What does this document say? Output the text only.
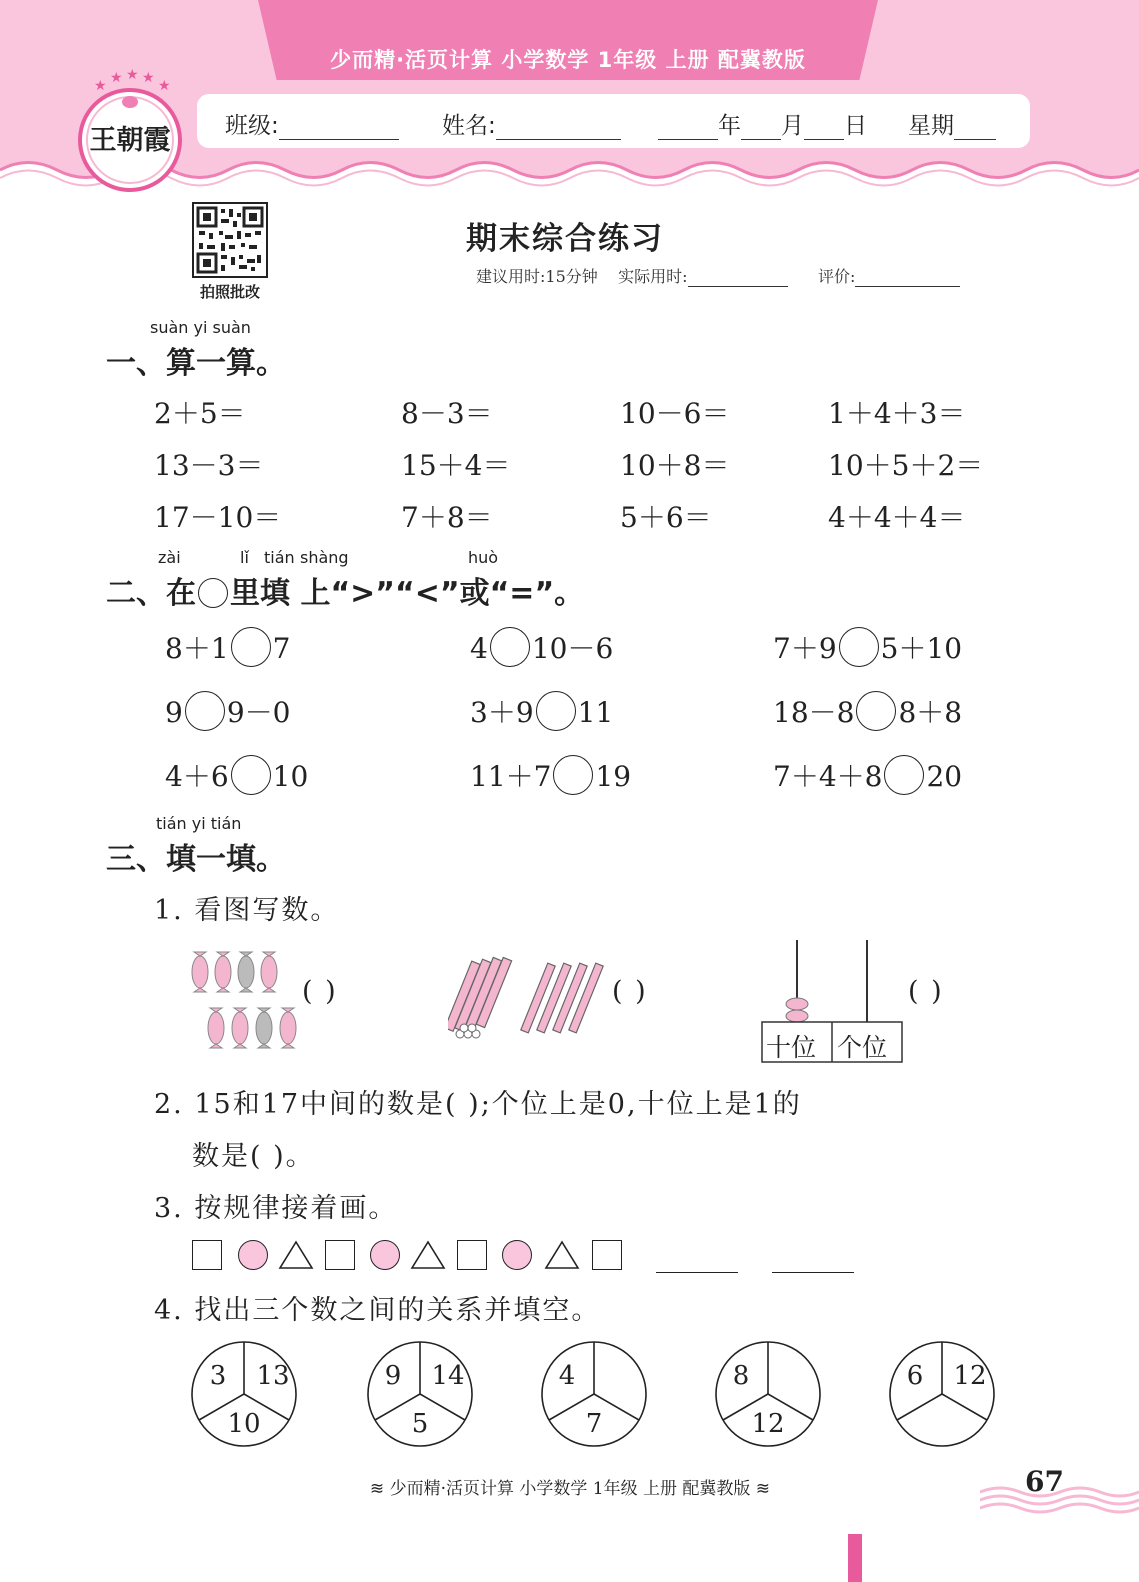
少而精·活页计算 小学数学 1年级 上册 配冀教版
班级:	姓名:	年 月 日 星期
★ ★ ★ ★ ★
王朝霞
拍照批改
期末综合练习
建议用时:15分钟 实际用时:	评价:
suàn yi suàn
一、算一算。
2＋5＝	8－3＝	10－6＝	1＋4＋3＝
13－3＝	15＋4＝	10＋8＝	10＋5＋2＝
17－10＝	7＋8＝	5＋6＝	4＋4＋4＝
zài	lǐ tián shàng	huò
二、在 里填 上“>”“<”或“=”。
8＋1 7	4 10－6	7＋9 5＋10
9 9－0	3＋9 11	18－8 8＋8
4＋6 10	11＋7 19	7＋4＋8 20
tián yi tián
三、填一填。
1. 看图写数。
( )	( )
十位 个位
( )
2. 15和17中间的数是( );个位上是0,十位上是1的
数是( )。
3. 按规律接着画。
4. 找出三个数之间的关系并填空。
3	13
10
9	14
5
4
7
8
12
6	12
≋ 少而精·活页计算 小学数学 1年级 上册 配冀教版 ≋	67
